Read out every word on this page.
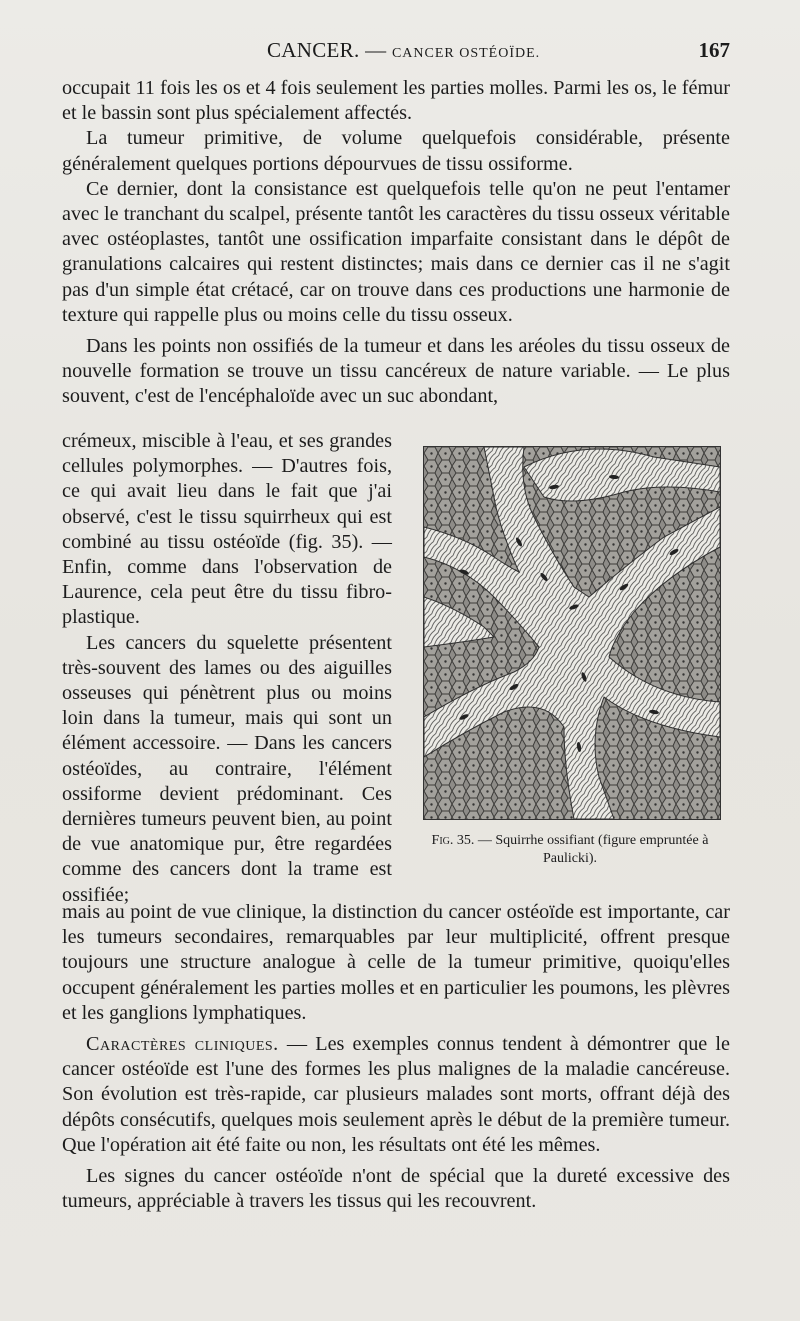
CANCER. — CANCER OSTÉOÏDE.	167

occupait 11 fois les os et 4 fois seulement les parties molles. Parmi les os, le fémur et le bassin sont plus spécialement affectés.

La tumeur primitive, de volume quelquefois considérable, présente généralement quelques portions dépourvues de tissu ossiforme.

Ce dernier, dont la consistance est quelquefois telle qu'on ne peut l'entamer avec le tranchant du scalpel, présente tantôt les caractères du tissu osseux véritable avec ostéoplastes, tantôt une ossification imparfaite consistant dans le dépôt de granulations calcaires qui restent distinctes; mais dans ce dernier cas il ne s'agit pas d'un simple état crétacé, car on trouve dans ces productions une harmonie de texture qui rappelle plus ou moins celle du tissu osseux.

Dans les points non ossifiés de la tumeur et dans les aréoles du tissu osseux de nouvelle formation se trouve un tissu cancéreux de nature variable. — Le plus souvent, c'est de l'encéphaloïde avec un suc abondant,

crémeux, miscible à l'eau, et ses grandes cellules polymorphes. — D'autres fois, ce qui avait lieu dans le fait que j'ai observé, c'est le tissu squirrheux qui est combiné au tissu ostéoïde (fig. 35). — Enfin, comme dans l'observation de Laurence, cela peut être du tissu fibro-plastique.

Les cancers du squelette présentent très-souvent des lames ou des aiguilles osseuses qui pénètrent plus ou moins loin dans la tumeur, mais qui sont un élément accessoire. — Dans les cancers ostéoïdes, au contraire, l'élément ossiforme devient prédominant. Ces dernières tumeurs peuvent bien, au point de vue anatomique pur, être regardées comme des cancers dont la trame est ossifiée;

Fig. 35. — Squirrhe ossifiant (figure empruntée à Paulicki).

mais au point de vue clinique, la distinction du cancer ostéoïde est importante, car les tumeurs secondaires, remarquables par leur multiplicité, offrent presque toujours une structure analogue à celle de la tumeur primitive, quoiqu'elles occupent généralement les parties molles et en particulier les poumons, les plèvres et les ganglions lymphatiques.

Caractères cliniques. — Les exemples connus tendent à démontrer que le cancer ostéoïde est l'une des formes les plus malignes de la maladie cancéreuse. Son évolution est très-rapide, car plusieurs malades sont morts, offrant déjà des dépôts consécutifs, quelques mois seulement après le début de la première tumeur. Que l'opération ait été faite ou non, les résultats ont été les mêmes.

Les signes du cancer ostéoïde n'ont de spécial que la dureté excessive des tumeurs, appréciable à travers les tissus qui les recouvrent.
